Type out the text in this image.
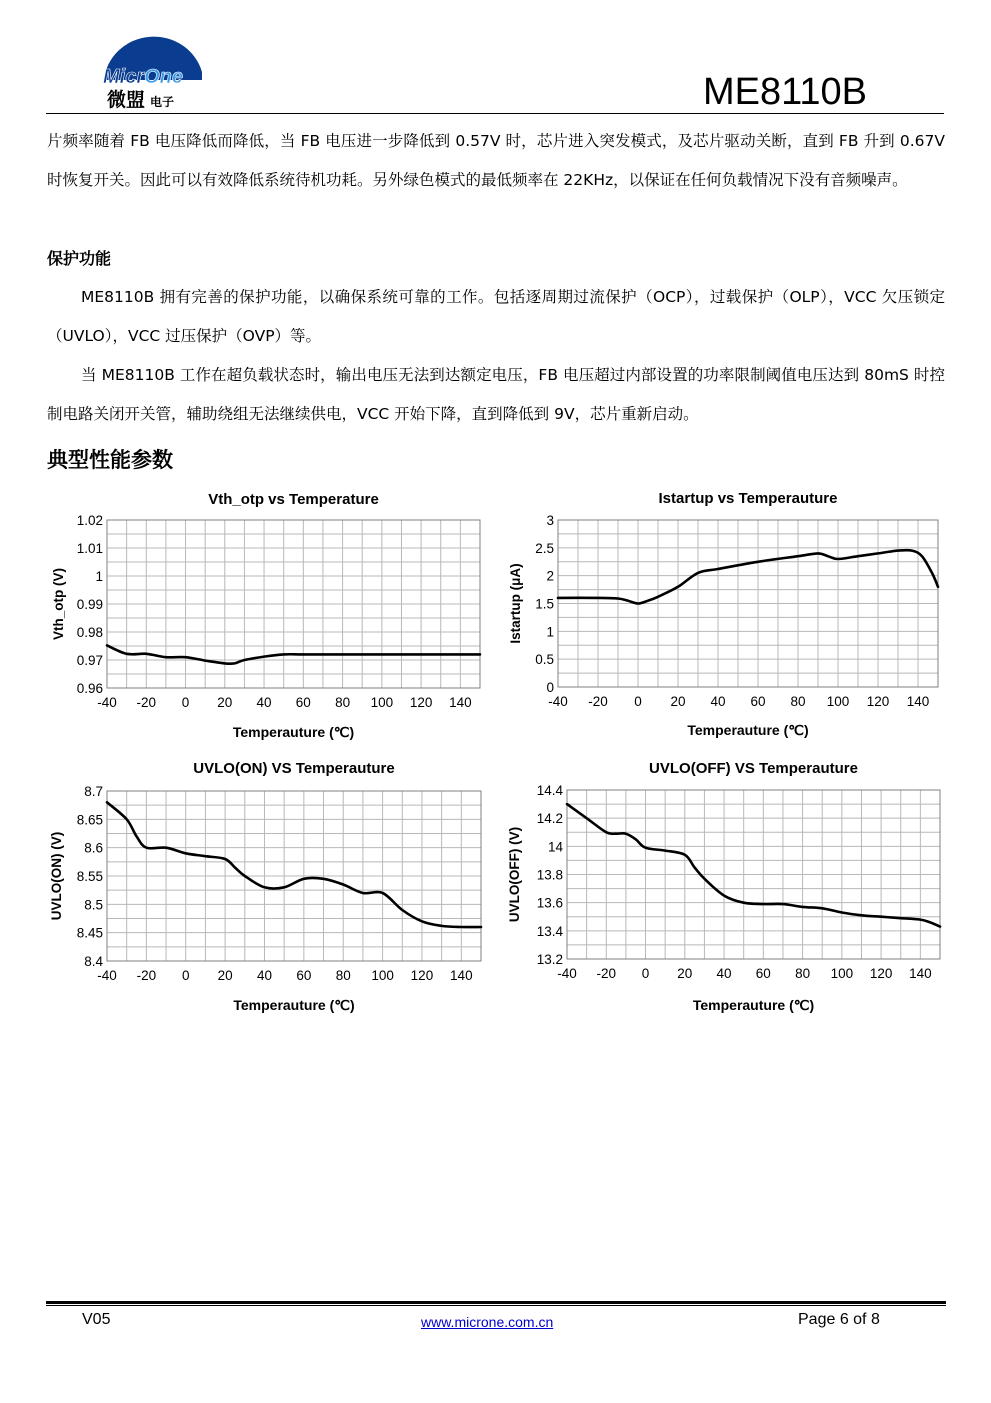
MicrOne
微盟 电子	ME8110B

片频率随着 FB 电压降低而降低，当 FB 电压进一步降低到 0.57V 时，芯片进入突发模式，及芯片驱动关断，直到 FB 升到 0.67V 时恢复开关。因此可以有效降低系统待机功耗。另外绿色模式的最低频率在 22KHz，以保证在任何负载情况下没有音频噪声。

保护功能

ME8110B 拥有完善的保护功能，以确保系统可靠的工作。包括逐周期过流保护（OCP），过载保护（OLP），VCC 欠压锁定（UVLO），VCC 过压保护（OVP）等。

当 ME8110B 工作在超负载状态时，输出电压无法到达额定电压，FB 电压超过内部设置的功率限制阈值电压达到 80mS 时控制电路关闭开关管，辅助绕组无法继续供电，VCC 开始下降，直到降低到 9V，芯片重新启动。

典型性能参数
-40 -20 0 20 40 60 80 100 120 140
0.96
0.97
0.98
0.99
1
1.01
1.02
Vth_otp vs Temperature
Temperauture (℃)
Vth_otp (V)
-40 -20 0 20 40 60 80 100 120 140
0
0.5
1
1.5
2
2.5
3
Istartup vs Temperauture
Temperauture (℃)
Istartup (μA)
-40 -20 0 20 40 60 80 100 120 140
8.4
8.45
8.5
8.55
8.6
8.65
8.7
UVLO(ON) VS Temperauture
Temperauture (℃)
UVLO(ON) (V)
-40 -20 0 20 40 60 80 100 120 140
13.2
13.4
13.6
13.8
14
14.2
14.4
UVLO(OFF) VS Temperauture
Temperauture (℃)
UVLO(OFF) (V)
V05	www.microne.com.cn	Page 6 of 8
